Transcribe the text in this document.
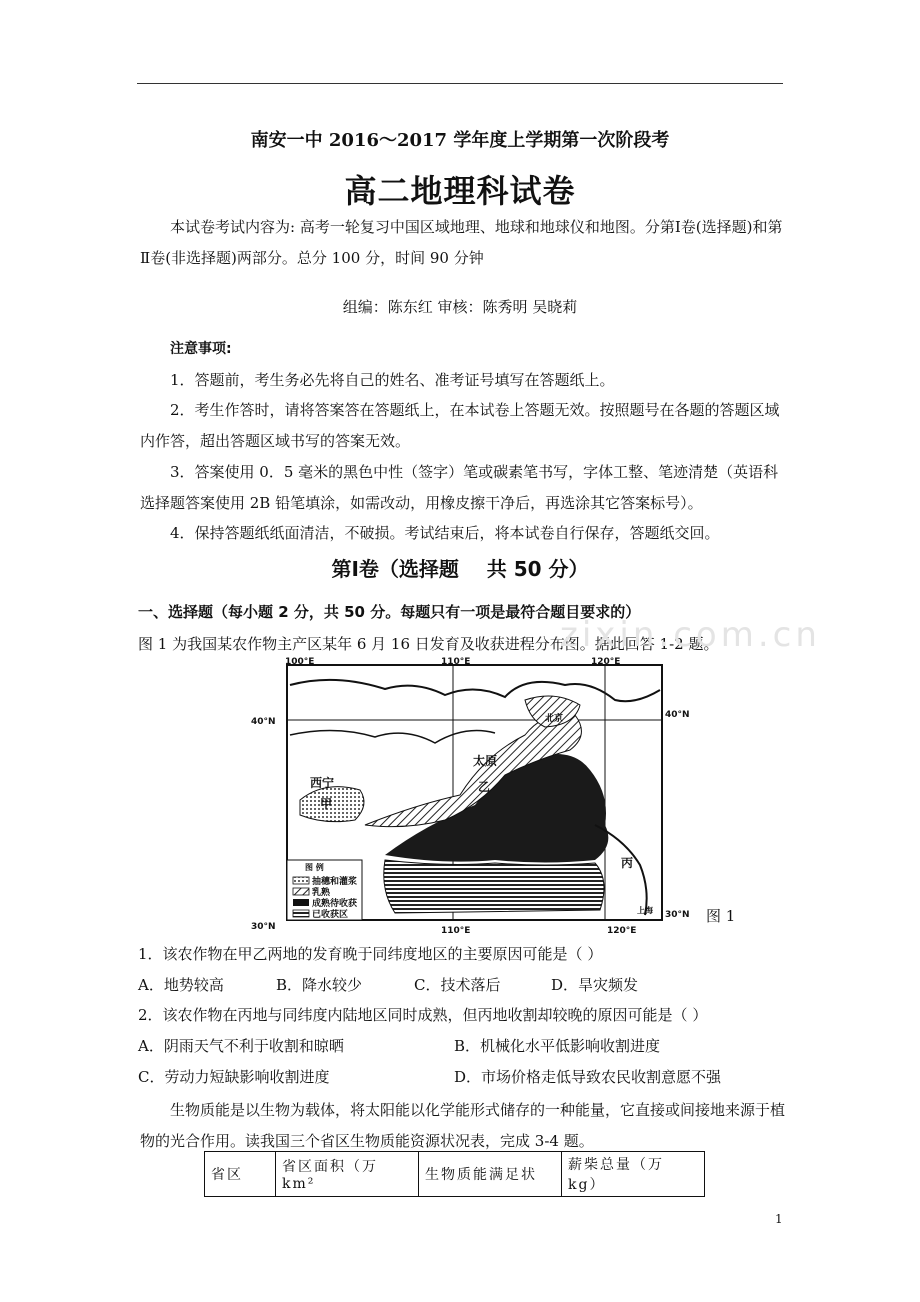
南安一中 2016～2017 学年度上学期第一次阶段考
高二地理科试卷
本试卷考试内容为: 高考一轮复习中国区域地理、地球和地球仪和地图。分第Ⅰ卷(选择题)和第Ⅱ卷(非选择题)两部分。总分 100 分，时间 90 分钟
组编：陈东红 审核：陈秀明 吴晓莉
注意事项:
1．答题前，考生务必先将自己的姓名、准考证号填写在答题纸上。
2．考生作答时，请将答案答在答题纸上，在本试卷上答题无效。按照题号在各题的答题区域内作答，超出答题区域书写的答案无效。
3．答案使用 0．5 毫米的黑色中性（签字）笔或碳素笔书写，字体工整、笔迹清楚（英语科选择题答案使用 2B 铅笔填涂，如需改动，用橡皮擦干净后，再选涂其它答案标号）。
4．保持答题纸纸面清洁，不破损。考试结束后，将本试卷自行保存，答题纸交回。
第Ⅰ卷（选择题    共 50 分）
一、选择题（每小题 2 分，共 50 分。每题只有一项是最符合题目要求的）
图 1 为我国某农作物主产区某年 6 月 16 日发育及收获进程分布图。据此回答 1-2 题。
zixin.com.cn
100°E	110°E	120°E
110°E	120°E
40°N
40°N
30°N
30°N
北京
太原
乙
西宁
甲
丙
上海
图 例
抽穗和灌浆
乳熟
成熟待收获
已收获区	图 1
1．该农作物在甲乙两地的发育晚于同纬度地区的主要原因可能是（ ）
A．地势较高	B．降水较少	C．技术落后	D．旱灾频发
2．该农作物在丙地与同纬度内陆地区同时成熟，但丙地收割却较晚的原因可能是（ ）
A．阴雨天气不利于收割和晾晒	B．机械化水平低影响收割进度
C．劳动力短缺影响收割进度	D．市场价格走低导致农民收割意愿不强
生物质能是以生物为载体，将太阳能以化学能形式储存的一种能量，它直接或间接地来源于植物的光合作用。读我国三个省区生物质能资源状况表，完成 3-4 题。
省区	省区面积（万 km²	生物质能满足状	薪柴总量（万 kg）
1
